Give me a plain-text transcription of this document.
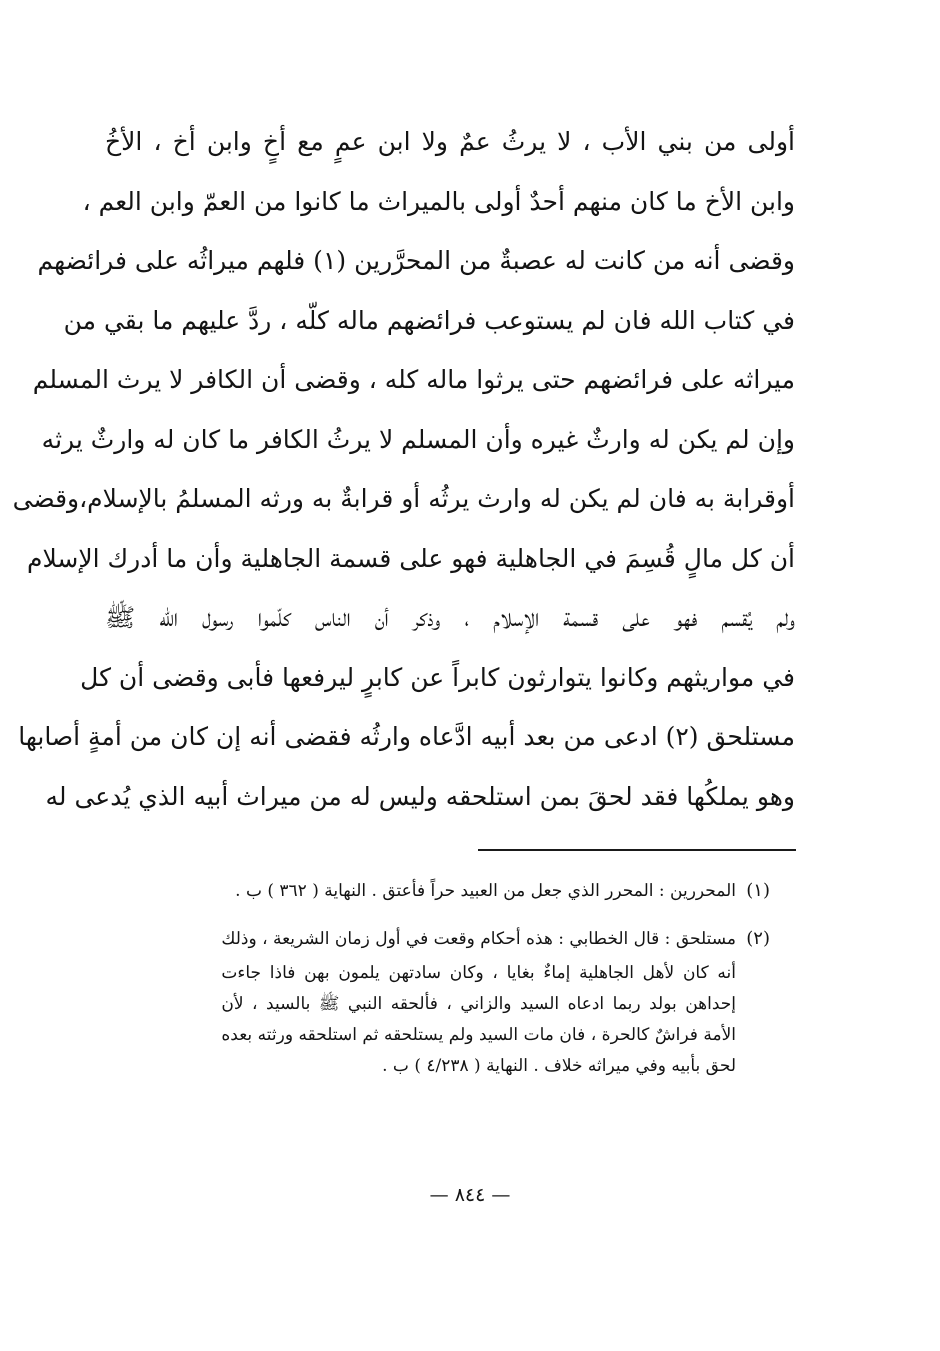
أولى من بني الأب ، لا يرثُ عمٌ ولا ابن عمٍ مع أخٍ وابن أخ ، الأخُ
وابن الأخ ما كان منهم أحدٌ أولى بالميراث ما كانوا من العمّ وابن العم ،
وقضى أنه من كانت له عصبةٌ من المحرَّرين (١) فلهم ميراثُه على فرائضهم
في كتاب الله فان لم يستوعب فرائضهم ماله كلّه ، ردَّ عليهم ما بقي من
ميراثه على فرائضهم حتى يرثوا ماله كله ، وقضى أن الكافر لا يرث المسلم
وإن لم يكن له وارثٌ غيره وأن المسلم لا يرثُ الكافر ما كان له وارثٌ يرثه
أوقرابة به فان لم يكن له وارث يرثُه أو قرابةٌ به ورثه المسلمُ بالإسلام،وقضى
أن كل مالٍ قُسِمَ في الجاهلية فهو على قسمة الجاهلية وأن ما أدرك الإسلام
ولم يُقسم فهو على قسمة الإسلام ، وذكر أن الناس كلّموا رسول الله ﷺ
في مواريثهم وكانوا يتوارثون كابراً عن كابرٍ ليرفعها فأبى وقضى أن كل
مستلحق (٢) ادعى من بعد أبيه ادَّعاه وارثُه فقضى أنه إن كان من أمةٍ أصابها
وهو يملكُها فقد لحقَ بمن استلحقه وليس له من ميراث أبيه الذي يُدعى له
(١)
المحررين : المحرر الذي جعل من العبيد حراً فأعتق . النهاية ( ٣٦٢ ) ب .
(٢)
مستلحق : قال الخطابي : هذه أحكام وقعت في أول زمان الشريعة ، وذلك
أنه كان لأهل الجاهلية إماءٌ بغايا ، وكان سادتهن يلمون بهن فاذا جاءت
إحداهن بولد ربما ادعاه السيد والزاني ، فألحقه النبي ﷺ بالسيد ، لأن
الأمة فراشٌ كالحرة ، فان مات السيد ولم يستلحقه ثم استلحقه ورثته بعده
لحق بأبيه وفي ميراثه خلاف . النهاية ( ٤/٢٣٨ ) ب .
— ٨٤٤ —
